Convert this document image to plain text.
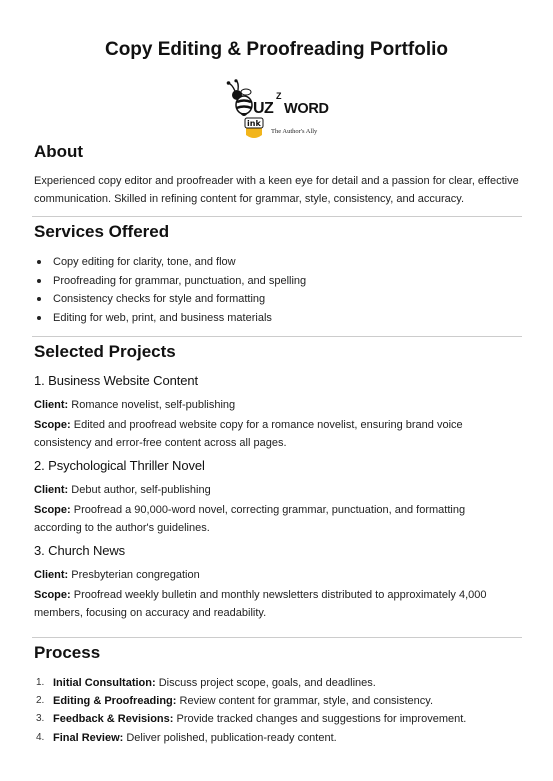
Copy Editing & Proofreading Portfolio
UZ
Z
WORD
ink
The Author's Ally
About

Experienced copy editor and proofreader with a keen eye for detail and a passion for clear, effective communication. Skilled in refining content for grammar, style, consistency, and accuracy.

Services Offered
Copy editing for clarity, tone, and flow
Proofreading for grammar, punctuation, and spelling
Consistency checks for style and formatting
Editing for web, print, and business materials
Selected Projects
1. Business Website Content
Client: Romance novelist, self-publishing
Scope: Edited and proofread website copy for a romance novelist, ensuring brand voice
consistency and error-free content across all pages.
2. Psychological Thriller Novel
Client: Debut author, self-publishing
Scope: Proofread a 90,000-word novel, correcting grammar, punctuation, and formatting
according to the author's guidelines.
3. Church News
Client: Presbyterian congregation
Scope: Proofread weekly bulletin and monthly newsletters distributed to approximately 4,000
members, focusing on accuracy and readability.
Process
1. Initial Consultation: Discuss project scope, goals, and deadlines.
2. Editing & Proofreading: Review content for grammar, style, and consistency.
3. Feedback & Revisions: Provide tracked changes and suggestions for improvement.
4. Final Review: Deliver polished, publication-ready content.
